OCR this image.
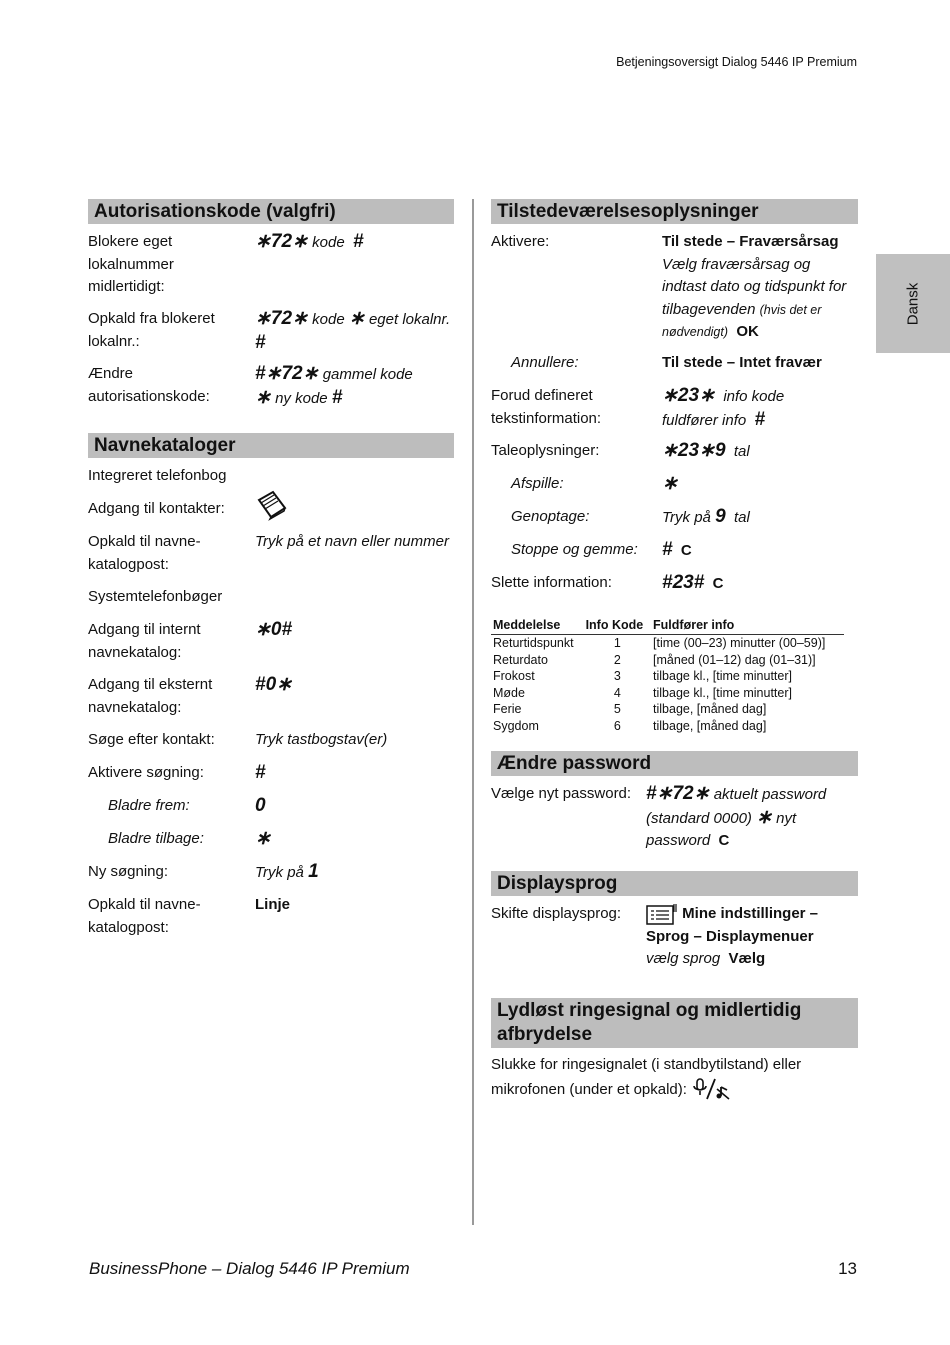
Betjeningsoversigt Dialog 5446 IP Premium
Dansk
Autorisationskode (valgfri)
Blokere eget lokalnummer midlertidigt:
∗72∗ kode #
Opkald fra blokeret lokalnr.:
∗72∗ kode ∗ eget lokalnr. #
Ændre autorisationskode:
#∗72∗ gammel kode
∗ ny kode #
Navnekataloger
Integreret telefonbog
Adgang til kontakter:
Opkald til navne-katalogpost:
Tryk på et navn eller nummer
Systemtelefonbøger
Adgang til internt navnekatalog:
∗0#
Adgang til eksternt navnekatalog:
#0∗
Søge efter kontakt:	Tryk tastbogstav(er)
Aktivere søgning:	#
Bladre frem:	0
Bladre tilbage:	∗
Ny søgning:	Tryk på 1
Opkald til navne-katalogpost:
Linje
Tilstedeværelsesoplysninger
Aktivere:	Til stede – Fraværsårsag
Vælg fraværsårsag og indtast dato og tidspunkt for tilbagevenden (hvis det er nødvendigt) OK
Annullere:	Til stede – Intet fravær
Forud defineret tekstinformation:
∗23∗ info kode
fuldfører info #
Taleoplysninger:	∗23∗9 tal
Afspille:	∗
Genoptage:	Tryk på 9 tal
Stoppe og gemme:	# C
Slette information:	#23# C
Meddelelse	Info Kode	Fuldfører info
Returtidspunkt	1	[time (00–23) minutter (00–59)]
Returdato	2	[måned (01–12) dag (01–31)]
Frokost	3	tilbage kl., [time minutter]
Møde	4	tilbage kl., [time minutter]
Ferie	5	tilbage, [måned dag]
Sygdom	6	tilbage, [måned dag]
Ændre password
Vælge nyt password: #∗72∗ aktuelt password (standard 0000) ∗ nyt password C
Displaysprog
Skifte displaysprog:	Mine indstillinger – Sprog – Displaymenuer
vælg sprog Vælg
Lydløst ringesignal og midlertidig afbrydelse
Slukke for ringesignalet (i standbytilstand) eller mikrofonen (under et opkald):
BusinessPhone – Dialog 5446 IP Premium	13
